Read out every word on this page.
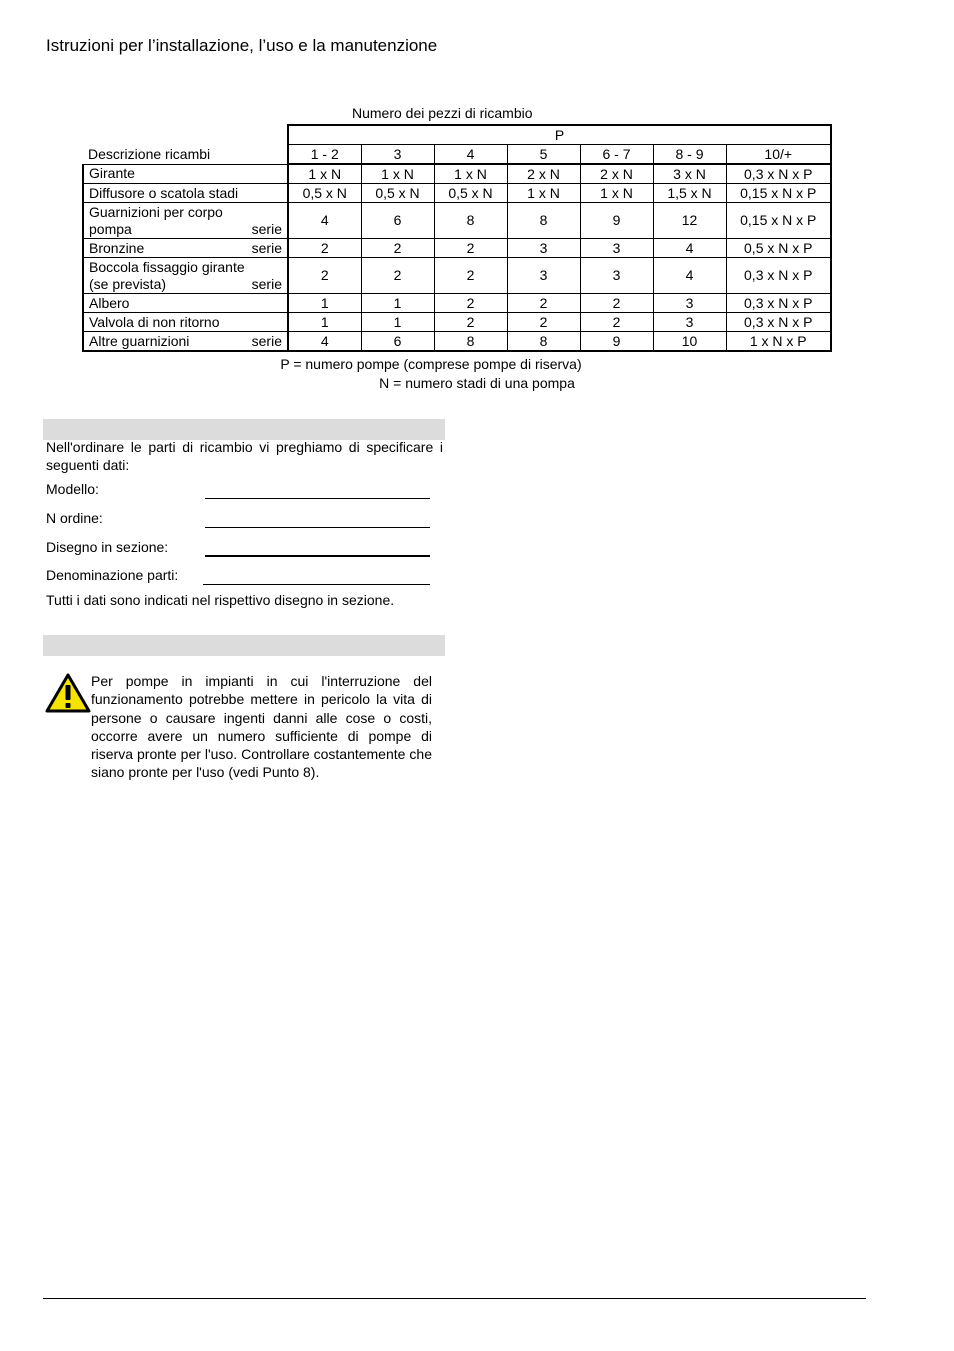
Istruzioni per l’installazione, l’uso e la manutenzione
Numero dei pezzi di ricambio
	P						
Descrizione ricambi	1 - 2	3	4	5	6 - 7	8 - 9	10/+
Girante	1 x N	1 x N	1 x N	2 x N	2 x N	3 x N	0,3 x N x P
Diffusore o scatola stadi	0,5 x N	0,5 x N	0,5 x N	1 x N	1 x N	1,5 x N	0,15 x N x P

Guarnizioni per corpo
pompa serie	4	6	8	8	9	12	0,15 x N x P

Bronzine serie	2	2	2	3	3	4	0,5 x N x P

Boccola fissaggio girante
(se prevista) serie	2	2	2	3	3	4	0,3 x N x P
Albero	1	1	2	2	2	3	0,3 x N x P
Valvola di non ritorno	1	1	2	2	2	3	0,3 x N x P

Altre guarnizioni serie	4	6	8	8	9	10	1 x N x P
P = numero pompe (comprese pompe di riserva)
N = numero stadi di una pompa
Nell'ordinare le parti di ricambio vi preghiamo di specificare i seguenti dati:
Modello:
N ordine:
Disegno in sezione:
Denominazione parti:
Tutti i dati sono indicati nel rispettivo disegno in sezione.
Per pompe in impianti in cui l'interruzione del funzionamento potrebbe mettere in pericolo la vita di persone o causare ingenti danni alle cose o costi, occorre avere un numero sufficiente di pompe di riserva pronte per l'uso. Controllare costantemente che siano pronte per l'uso (vedi Punto 8).
